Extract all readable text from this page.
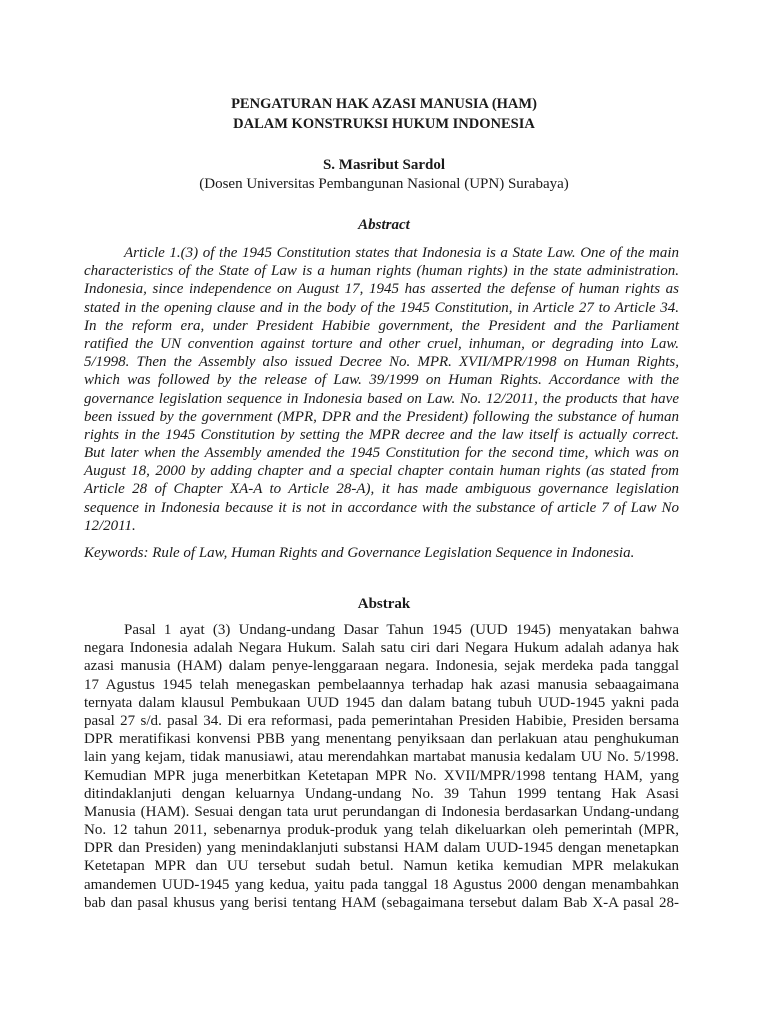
PENGATURAN HAK AZASI MANUSIA (HAM)
DALAM KONSTRUKSI HUKUM INDONESIA
S. Masribut Sardol
(Dosen Universitas Pembangunan Nasional (UPN) Surabaya)
Abstract
Article 1.(3) of the 1945 Constitution states that Indonesia is a State Law. One of the main
characteristics of the State of Law is a human rights (human rights) in the state administration.
Indonesia, since independence on August 17, 1945 has asserted the defense of human rights as
stated in the opening clause and in the body of the 1945 Constitution, in Article 27 to Article 34.
In the reform era, under President Habibie government, the President and the Parliament
ratified the UN convention against torture and other cruel, inhuman, or degrading into Law.
5/1998. Then the Assembly also issued Decree No. MPR. XVII/MPR/1998 on Human Rights,
which was followed by the release of Law. 39/1999 on Human Rights. Accordance with the
governance legislation sequence in Indonesia based on Law. No. 12/2011, the products that have
been issued by the government (MPR, DPR and the President) following the substance of human
rights in the 1945 Constitution by setting the MPR decree and the law itself is actually correct.
But later when the Assembly amended the 1945 Constitution for the second time, which was on
August 18, 2000 by adding chapter and a special chapter contain human rights (as stated from
Article 28 of Chapter XA-A to Article 28-A), it has made ambiguous governance legislation
sequence in Indonesia because it is not in accordance with the substance of article 7 of Law No
12/2011.
Keywords: Rule of Law, Human Rights and Governance Legislation Sequence in Indonesia.
Abstrak
Pasal 1 ayat (3) Undang-undang Dasar Tahun 1945 (UUD 1945) menyatakan bahwa
negara Indonesia adalah Negara Hukum. Salah satu ciri dari Negara Hukum adalah adanya hak
azasi manusia (HAM) dalam penye-lenggaraan negara. Indonesia, sejak merdeka pada tanggal
17 Agustus 1945 telah menegaskan pembelaannya terhadap hak azasi manusia sebaagaimana
ternyata dalam klausul Pembukaan UUD 1945 dan dalam batang tubuh UUD-1945 yakni pada
pasal 27 s/d. pasal 34. Di era reformasi, pada pemerintahan Presiden Habibie, Presiden bersama
DPR meratifikasi konvensi PBB yang menentang penyiksaan dan perlakuan atau penghukuman
lain yang kejam, tidak manusiawi, atau merendahkan martabat manusia kedalam UU No. 5/1998.
Kemudian MPR juga menerbitkan Ketetapan MPR No. XVII/MPR/1998 tentang HAM, yang
ditindaklanjuti dengan keluarnya Undang-undang No. 39 Tahun 1999 tentang Hak Asasi
Manusia (HAM). Sesuai dengan tata urut perundangan di Indonesia berdasarkan Undang-undang
No. 12 tahun 2011, sebenarnya produk-produk yang telah dikeluarkan oleh pemerintah (MPR,
DPR dan Presiden) yang menindaklanjuti substansi HAM dalam UUD-1945 dengan menetapkan
Ketetapan MPR dan UU tersebut sudah betul. Namun ketika kemudian MPR melakukan
amandemen UUD-1945 yang kedua, yaitu pada tanggal 18 Agustus 2000 dengan menambahkan
bab dan pasal khusus yang berisi tentang HAM (sebagaimana tersebut dalam Bab X-A pasal 28-
